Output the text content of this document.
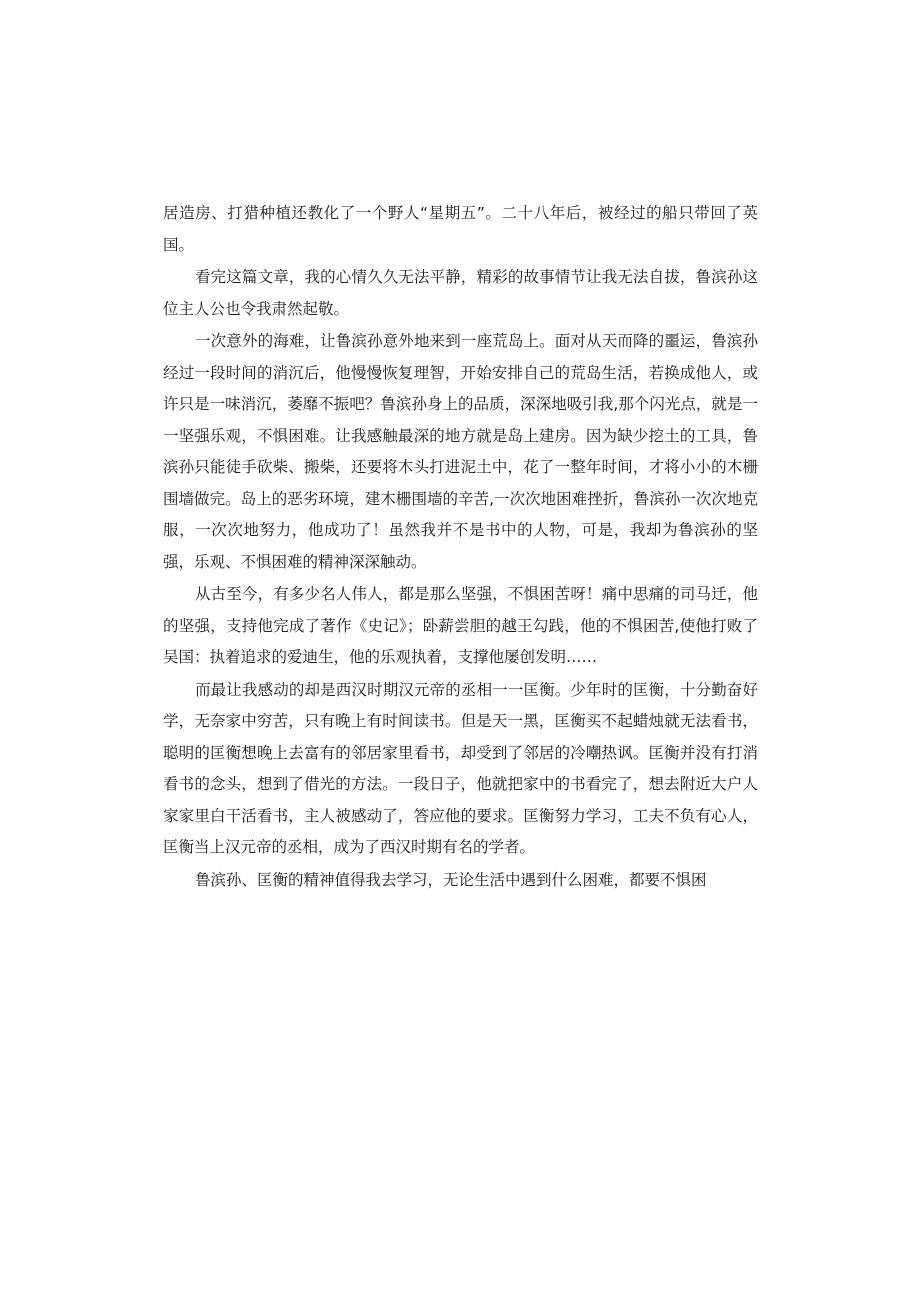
居造房、打猎种植还教化了一个野人“星期五”。二十八年后，被经过的船只带回了英国。

看完这篇文章，我的心情久久无法平静，精彩的故事情节让我无法自拔，鲁滨孙这位主人公也令我肃然起敬。

一次意外的海难，让鲁滨孙意外地来到一座荒岛上。面对从天而降的噩运，鲁滨孙经过一段时间的消沉后，他慢慢恢复理智，开始安排自己的荒岛生活，若换成他人，或许只是一味消沉，萎靡不振吧？鲁滨孙身上的品质，深深地吸引我,那个闪光点，就是一一坚强乐观，不惧困难。让我感触最深的地方就是岛上建房。因为缺少挖土的工具，鲁滨孙只能徒手砍柴、搬柴，还要将木头打进泥土中，花了一整年时间，才将小小的木栅围墙做完。岛上的恶劣环境，建木栅围墙的辛苦,一次次地困难挫折，鲁滨孙一次次地克服，一次次地努力，他成功了！虽然我并不是书中的人物，可是，我却为鲁滨孙的坚强，乐观、不惧困难的精神深深触动。

从古至今，有多少名人伟人，都是那么坚强，不惧困苦呀！痛中思痛的司马迁，他的坚强，支持他完成了著作《史记》；卧薪尝胆的越王勾践，他的不惧困苦,使他打败了吴国：执着追求的爱迪生，他的乐观执着，支撑他屡创发明……

而最让我感动的却是西汉时期汉元帝的丞相一一匡衡。少年时的匡衡，十分勤奋好学，无奈家中穷苦，只有晚上有时间读书。但是天一黑，匡衡买不起蜡烛就无法看书，聪明的匡衡想晚上去富有的邻居家里看书，却受到了邻居的冷嘲热讽。匡衡并没有打消看书的念头，想到了借光的方法。一段日子，他就把家中的书看完了，想去附近大户人家家里白干活看书，主人被感动了，答应他的要求。匡衡努力学习，工夫不负有心人，匡衡当上汉元帝的丞相，成为了西汉时期有名的学者。

鲁滨孙、匡衡的精神值得我去学习，无论生活中遇到什么困难，都要不惧困
